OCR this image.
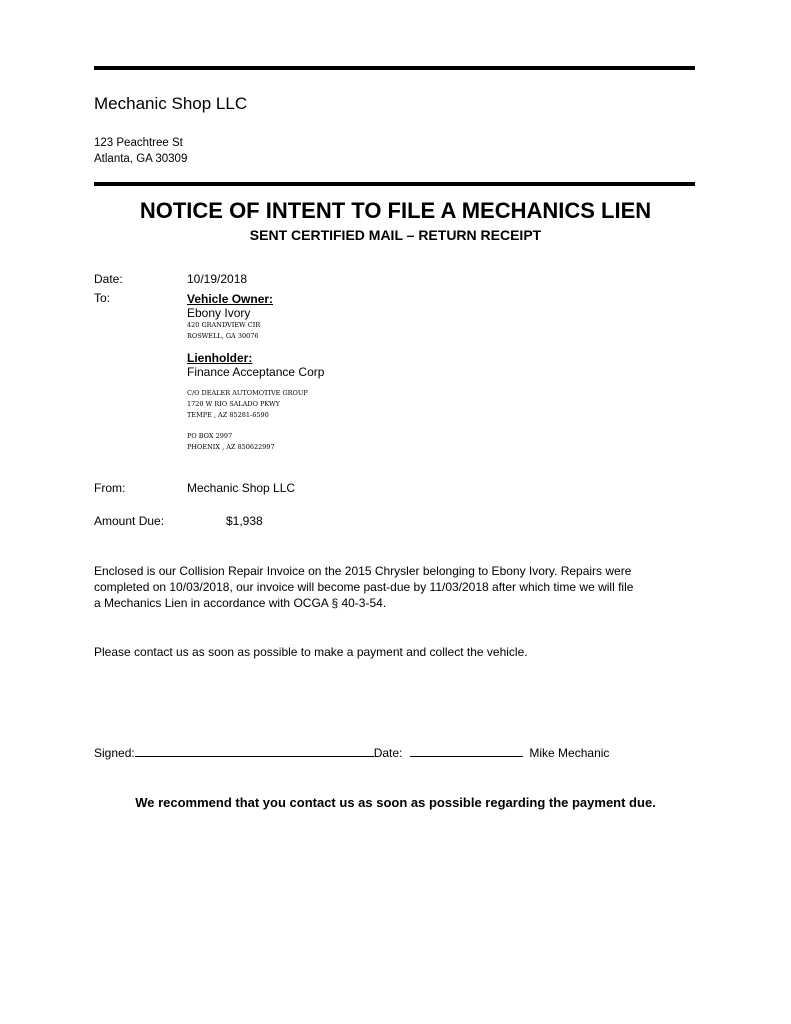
Mechanic Shop LLC
123 Peachtree St
Atlanta, GA 30309
NOTICE OF INTENT TO FILE A MECHANICS LIEN
SENT CERTIFIED MAIL – RETURN RECEIPT
Date:	10/19/2018
To:	Vehicle Owner:
Ebony Ivory
420 GRANDVIEW CIR
ROSWELL, GA 30076
Lienholder:
Finance Acceptance Corp
C/O DEALER AUTOMOTIVE GROUP
1720 W RIO SALADO PKWY
TEMPE , AZ 85281-6590
PO BOX 2997
PHOENIX , AZ 850622997
From:	Mechanic Shop LLC
Amount Due:	$1,938
Enclosed is our Collision Repair Invoice on the 2015 Chrysler belonging to Ebony Ivory. Repairs were
completed on 10/03/2018, our invoice will become past-due by 11/03/2018 after which time we will file
a Mechanics Lien in accordance with OCGA § 40-3-54.
Please contact us as soon as possible to make a payment and collect the vehicle.
Signed:	Date:	Mike Mechanic
We recommend that you contact us as soon as possible regarding the payment due.
